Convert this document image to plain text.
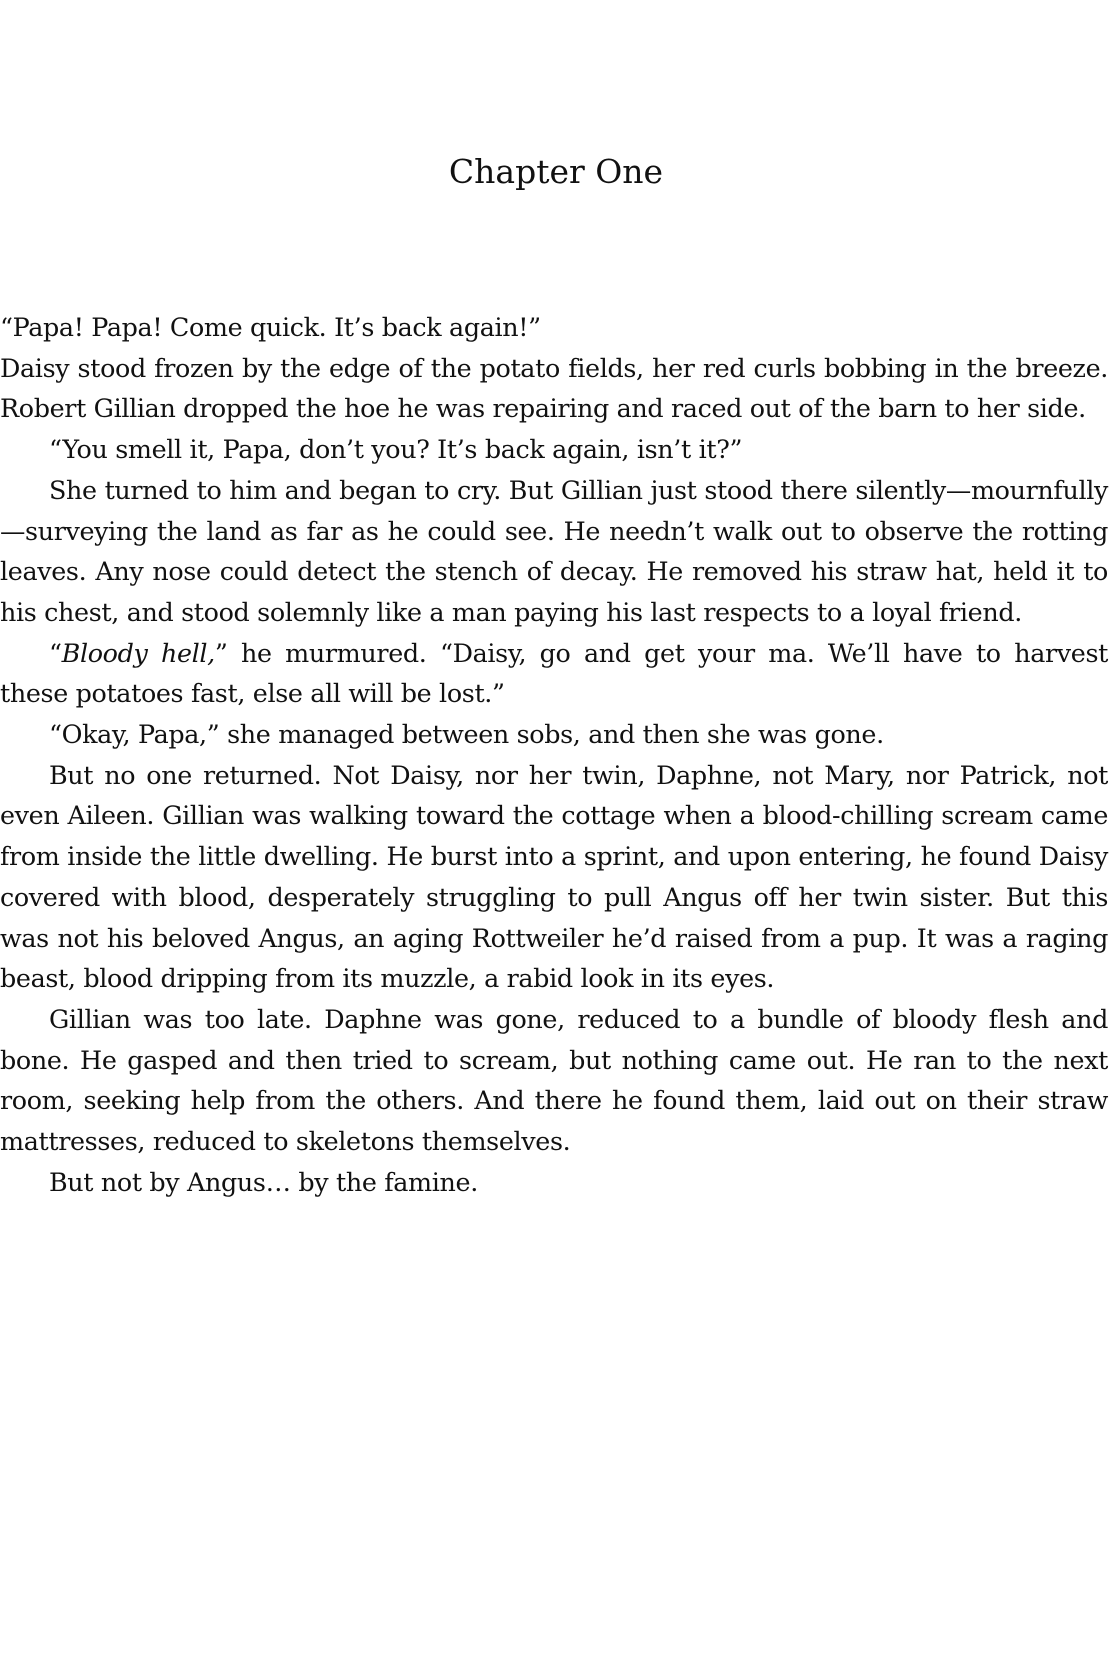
Chapter One

“Papa! Papa! Come quick. It’s back again!”

Daisy stood frozen by the edge of the potato fields, her red curls bobbing in the breeze. Robert Gillian dropped the hoe he was repairing and raced out of the barn to her side.

“You smell it, Papa, don’t you? It’s back again, isn’t it?”

She turned to him and began to cry. But Gillian just stood there silently—mournfully—surveying the land as far as he could see. He needn’t walk out to observe the rotting leaves. Any nose could detect the stench of decay. He removed his straw hat, held it to his chest, and stood solemnly like a man paying his last respects to a loyal friend.

“Bloody hell,” he murmured. “Daisy, go and get your ma. We’ll have to harvest these potatoes fast, else all will be lost.”

“Okay, Papa,” she managed between sobs, and then she was gone.

But no one returned. Not Daisy, nor her twin, Daphne, not Mary, nor Patrick, not even Aileen. Gillian was walking toward the cottage when a blood-chilling scream came from inside the little dwelling. He burst into a sprint, and upon entering, he found Daisy covered with blood, desperately struggling to pull Angus off her twin sister. But this was not his beloved Angus, an aging Rottweiler he’d raised from a pup. It was a raging beast, blood dripping from its muzzle, a rabid look in its eyes.

Gillian was too late. Daphne was gone, reduced to a bundle of bloody flesh and bone. He gasped and then tried to scream, but nothing came out. He ran to the next room, seeking help from the others. And there he found them, laid out on their straw mattresses, reduced to skeletons themselves.

But not by Angus… by the famine.
